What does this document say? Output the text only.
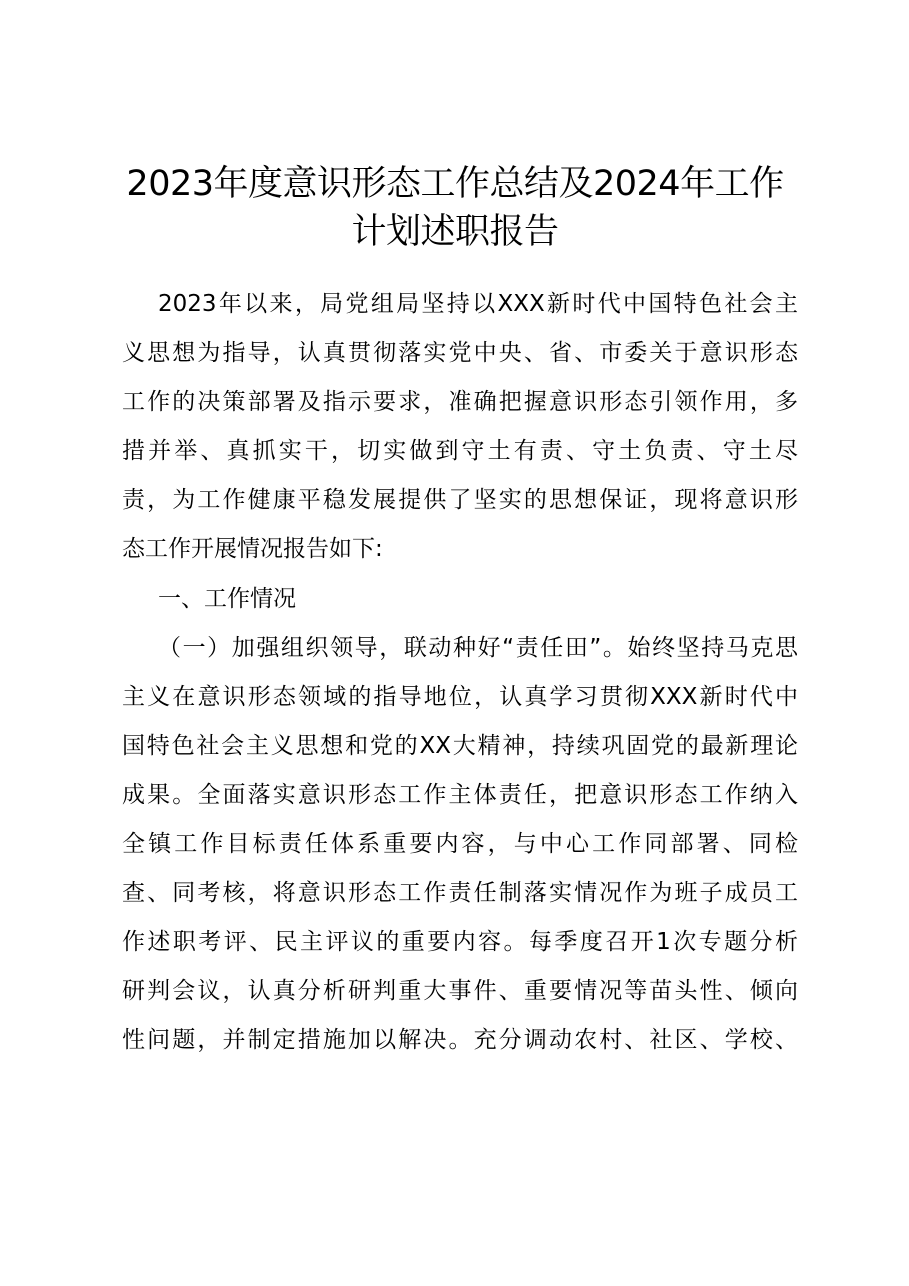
2023年度意识形态工作总结及2024年工作
计划述职报告
2023年以来，局党组局坚持以XXX新时代中国特色社会主
义思想为指导，认真贯彻落实党中央、省、市委关于意识形态
工作的决策部署及指示要求，准确把握意识形态引领作用，多
措并举、真抓实干，切实做到守土有责、守土负责、守土尽
责，为工作健康平稳发展提供了坚实的思想保证，现将意识形
态工作开展情况报告如下:
一、工作情况
（一）加强组织领导，联动种好“责任田”。始终坚持马克思
主义在意识形态领域的指导地位，认真学习贯彻XXX新时代中
国特色社会主义思想和党的XX大精神，持续巩固党的最新理论
成果。全面落实意识形态工作主体责任，把意识形态工作纳入
全镇工作目标责任体系重要内容，与中心工作同部署、同检
查、同考核，将意识形态工作责任制落实情况作为班子成员工
作述职考评、民主评议的重要内容。每季度召开1次专题分析
研判会议，认真分析研判重大事件、重要情况等苗头性、倾向
性问题，并制定措施加以解决。充分调动农村、社区、学校、
